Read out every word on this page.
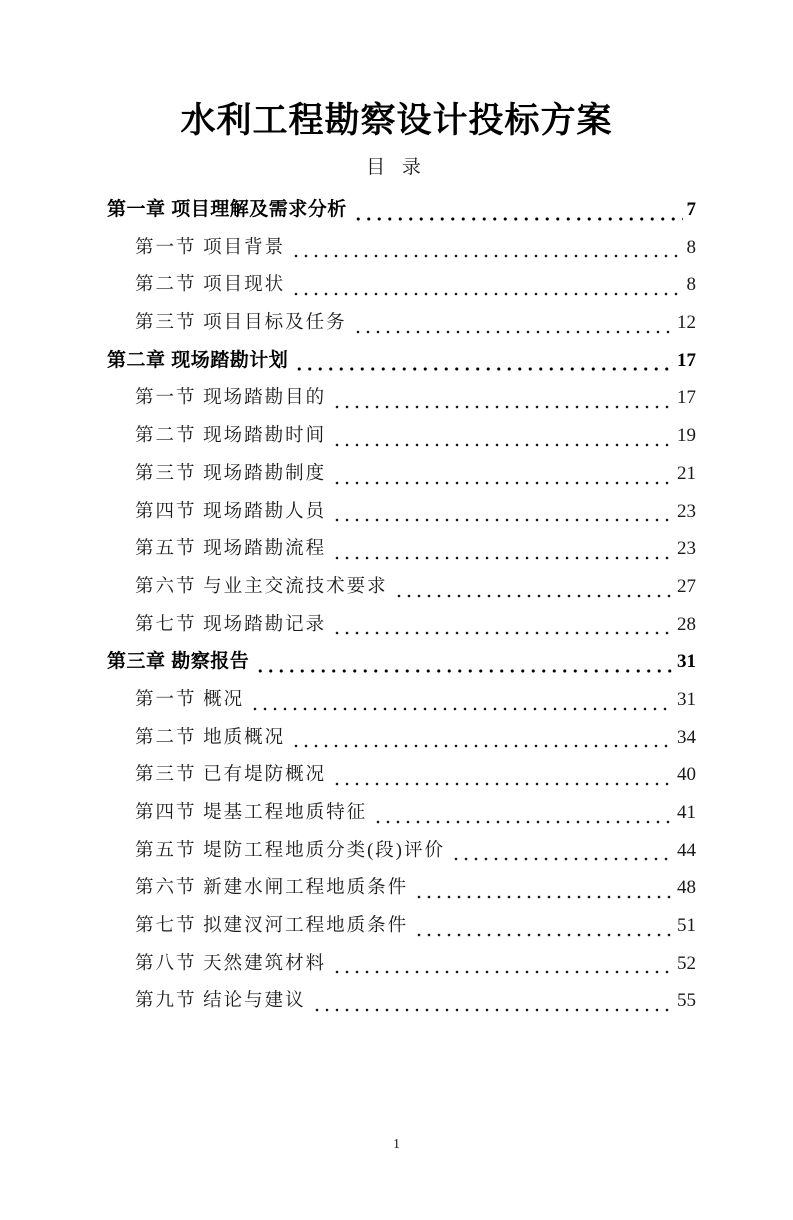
水利工程勘察设计投标方案
目 录
第一章 项目理解及需求分析	7
第一节 项目背景	8
第二节 项目现状	8
第三节 项目目标及任务	12
第二章 现场踏勘计划	17
第一节 现场踏勘目的	17
第二节 现场踏勘时间	19
第三节 现场踏勘制度	21
第四节 现场踏勘人员	23
第五节 现场踏勘流程	23
第六节 与业主交流技术要求	27
第七节 现场踏勘记录	28
第三章 勘察报告	31
第一节 概况	31
第二节 地质概况	34
第三节 已有堤防概况	40
第四节 堤基工程地质特征	41
第五节 堤防工程地质分类(段)评价	44
第六节 新建水闸工程地质条件	48
第七节 拟建汊河工程地质条件	51
第八节 天然建筑材料	52
第九节 结论与建议	55
1
